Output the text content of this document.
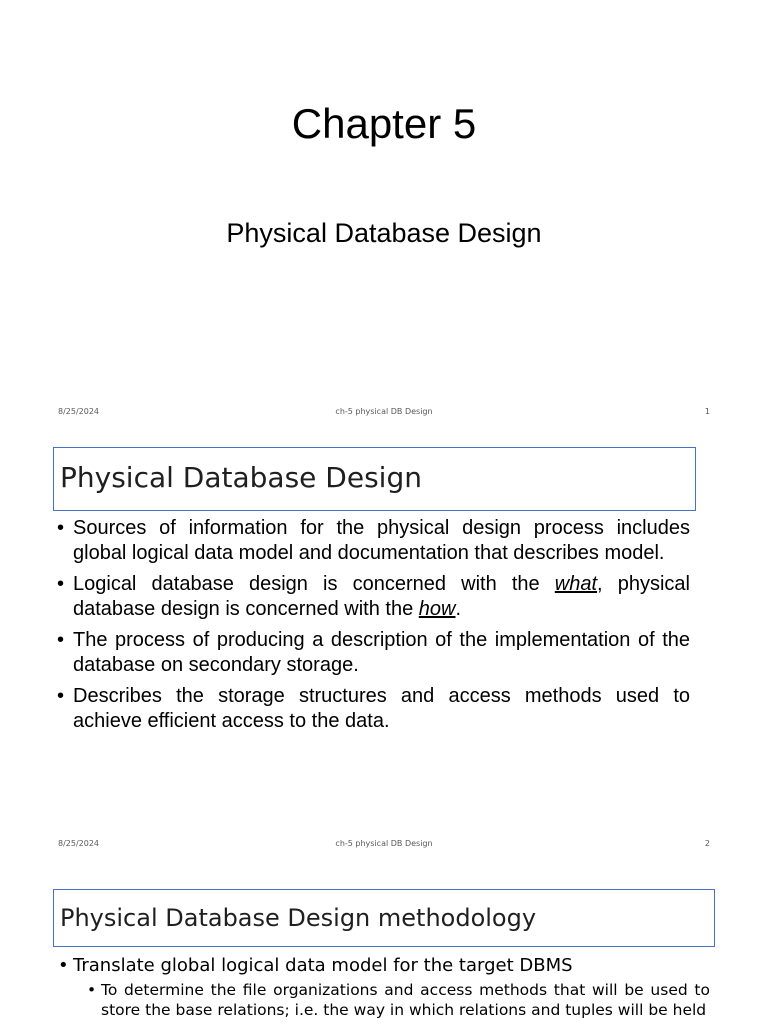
Chapter 5
Physical Database Design
8/25/2024	ch-5 physical DB Design	1
Physical Database Design
• Sources of information for the physical design process includes global logical data model and documentation that describes model.
• Logical database design is concerned with the what, physical database design is concerned with the how.
• The process of producing a description of the implementation of the database on secondary storage.
• Describes the storage structures and access methods used to achieve efficient access to the data.
8/25/2024	ch-5 physical DB Design	2
Physical Database Design methodology
• Translate global logical data model for the target DBMS
• To determine the file organizations and access methods that will be used to store the base relations; i.e. the way in which relations and tuples will be held
